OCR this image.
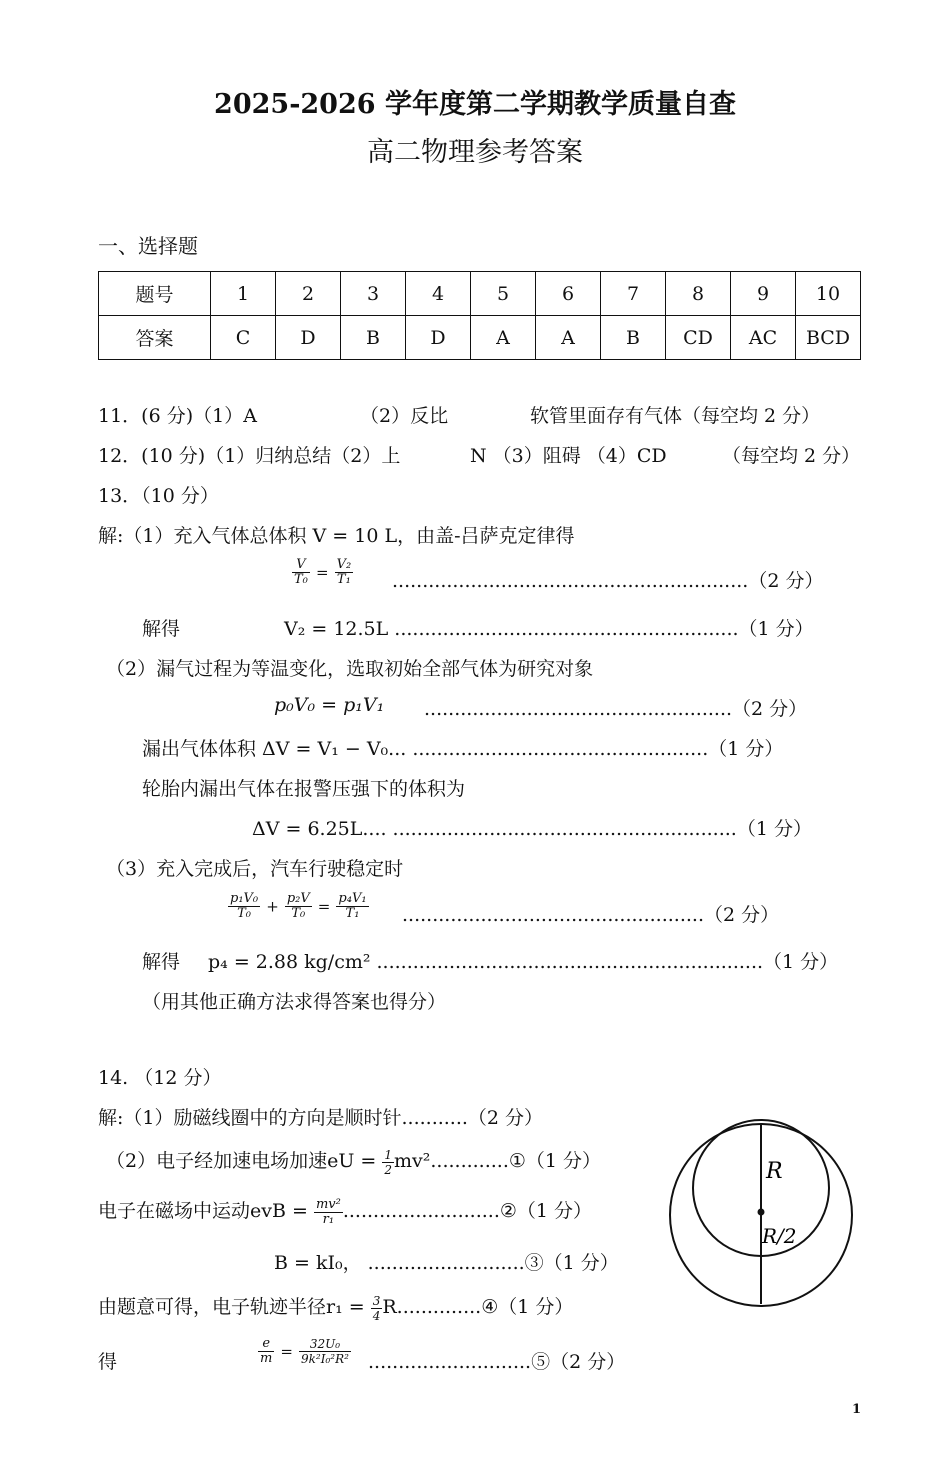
2025-2026 学年度第二学期教学质量自查
高二物理参考答案
一、选择题
题号	1	2	3	4	5	6	7	8	9	10
答案	C	D	B	D	A	A	B	CD	AC	BCD
11．(6 分)（1）A	（2）反比	软管里面存有气体（每空均 2 分）
12．(10 分)（1）归纳总结（2）上	N （3）阻碍 （4）CD	（每空均 2 分）
13．（10 分）
解:（1）充入气体总体积 V = 10 L，由盖-吕萨克定律得
$\frac{V}{\text{T₀}} = \frac{\text{V₂}}{\text{T₁}} ...........................................................(2$ 分）
解得	V₂ = 12.5L .........................................................（1 分）
（2）漏气过程为等温变化，选取初始全部气体为研究对象
p₀V₀ = p₁V₁ ...................................................（2 分）
漏出气体体积 ΔV = V₁ − V₀... .................................................（1 分）
轮胎内漏出气体在报警压强下的体积为
ΔV = 6.25L.... .........................................................（1 分）
（3）充入完成后，汽车行驶稳定时
$\frac{\text{p₁V₀}}{\text{T₀}} + \frac{\text{p₂V}}{\text{T₀}} = \frac{\text{p₄V₁}}{\text{T₁}} ..................................................(2$ 分）
解得 p₄ = 2.88 kg/cm² ................................................................（1 分）
（用其他正确方法求得答案也得分）
14. （12 分）
解:（1）励磁线圈中的方向是顺时针...........（2 分）
（2）电子经加速电场加速eU = $\frac{1}{2}$ mv².............①（1 分）
电子在磁场中运动evB = $\frac{\text{mv²}}{\text{r₁}}$ ..........................②（1 分）
B = kI₀， ..........................③（1 分）
由题意可得，电子轨迹半径$r_1 = \frac{3}{4}$ R..............④（1 分）
得	$\frac{e}{m} = \frac{\text{32U₀}}{\text{9k²I₀²R²}}$ ...........................⑤（2 分）
R
R/2
1
